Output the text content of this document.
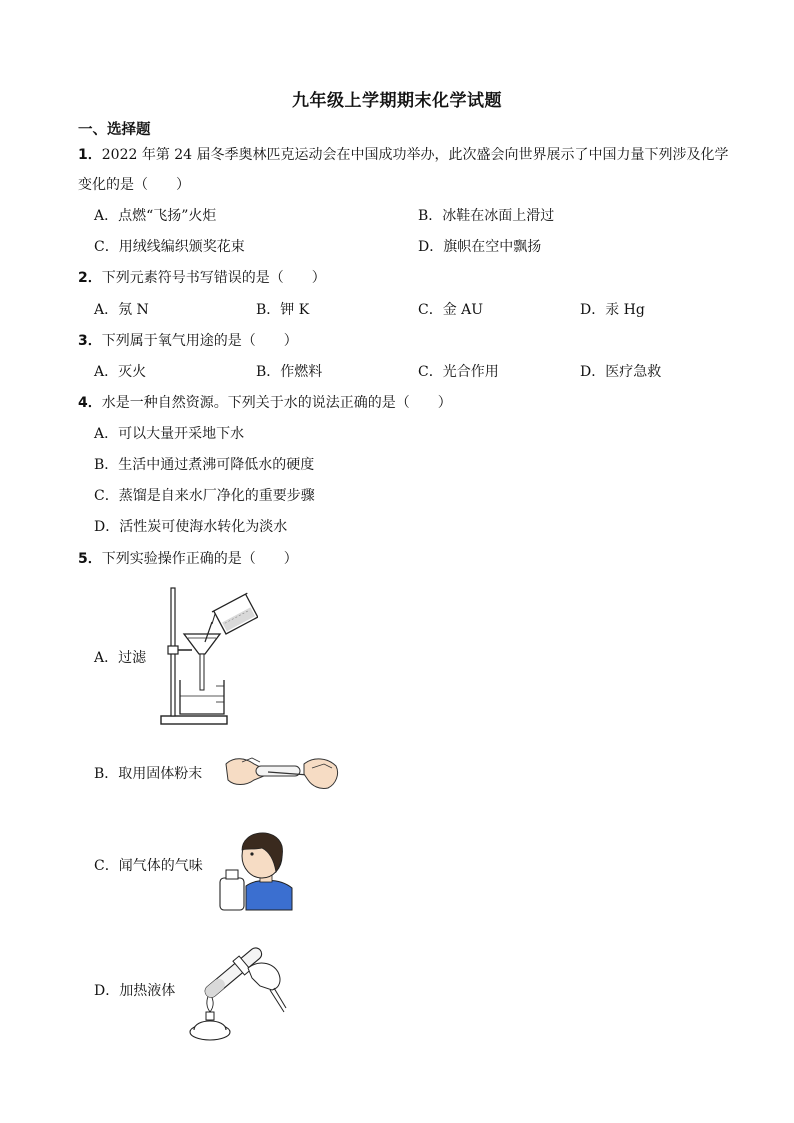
九年级上学期期末化学试题
一、选择题
1．2022 年第 24 届冬季奥林匹克运动会在中国成功举办，此次盛会向世界展示了中国力量下列涉及化学
变化的是（　　）
A．点燃“飞扬”火炬	B．冰鞋在冰面上滑过
C．用绒线编织颁奖花束	D．旗帜在空中飘扬
2．下列元素符号书写错误的是（　　）
A．氖 N	B．钾 K	C．金 AU	D．汞 Hg
3．下列属于氧气用途的是（　　）
A．灭火	B．作燃料	C．光合作用	D．医疗急救
4．水是一种自然资源。下列关于水的说法正确的是（　　）
A．可以大量开采地下水
B．生活中通过煮沸可降低水的硬度
C．蒸馏是自来水厂净化的重要步骤
D．活性炭可使海水转化为淡水
5．下列实验操作正确的是（　　）
A．过滤
B．取用固体粉末
C．闻气体的气味
D．加热液体
